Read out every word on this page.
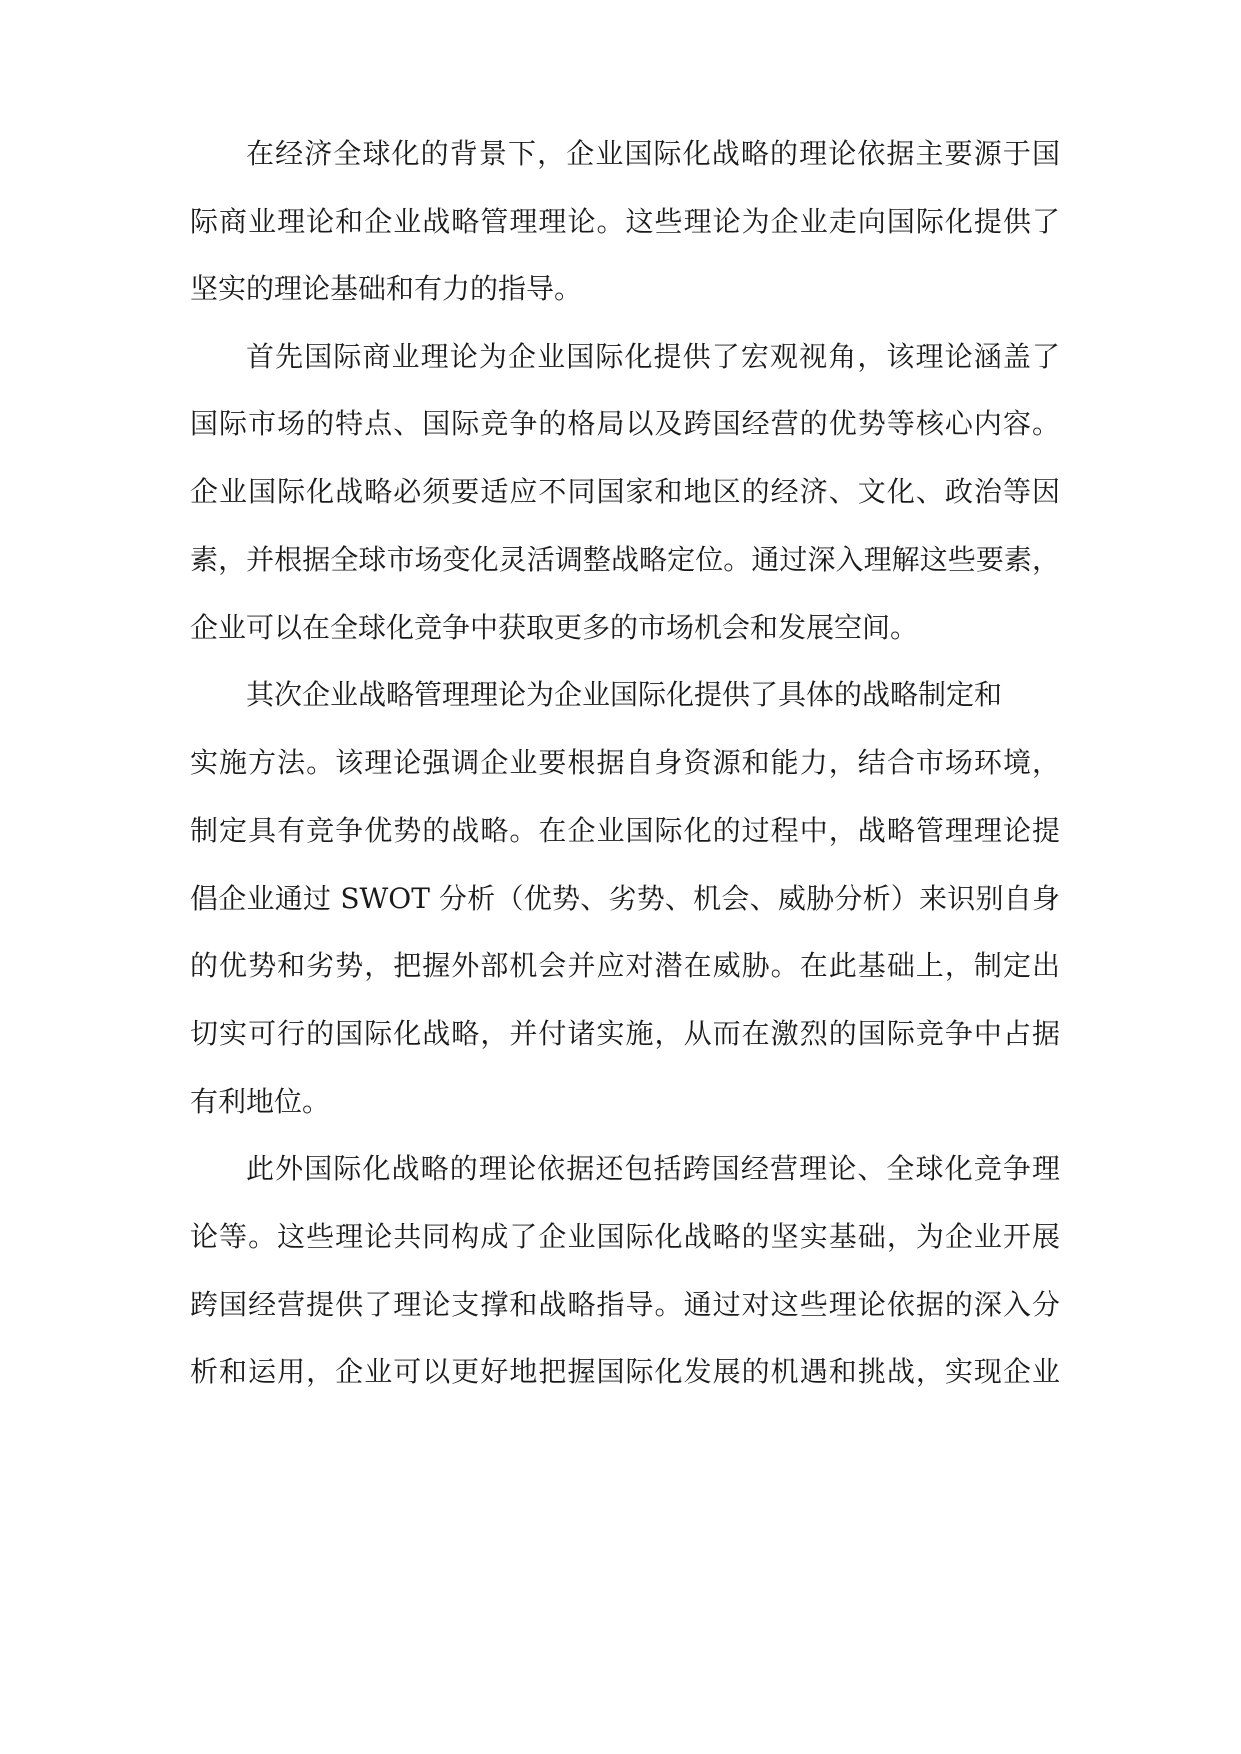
在经济全球化的背景下，企业国际化战略的理论依据主要源于国
际商业理论和企业战略管理理论。这些理论为企业走向国际化提供了
坚实的理论基础和有力的指导。
首先国际商业理论为企业国际化提供了宏观视角，该理论涵盖了
国际市场的特点、国际竞争的格局以及跨国经营的优势等核心内容。
企业国际化战略必须要适应不同国家和地区的经济、文化、政治等因
素，并根据全球市场变化灵活调整战略定位。通过深入理解这些要素，
企业可以在全球化竞争中获取更多的市场机会和发展空间。
其次企业战略管理理论为企业国际化提供了具体的战略制定和
实施方法。该理论强调企业要根据自身资源和能力，结合市场环境，
制定具有竞争优势的战略。在企业国际化的过程中，战略管理理论提
倡企业通过 SWOT 分析（优势、劣势、机会、威胁分析）来识别自身
的优势和劣势，把握外部机会并应对潜在威胁。在此基础上，制定出
切实可行的国际化战略，并付诸实施，从而在激烈的国际竞争中占据
有利地位。
此外国际化战略的理论依据还包括跨国经营理论、全球化竞争理
论等。这些理论共同构成了企业国际化战略的坚实基础，为企业开展
跨国经营提供了理论支撑和战略指导。通过对这些理论依据的深入分
析和运用，企业可以更好地把握国际化发展的机遇和挑战，实现企业
